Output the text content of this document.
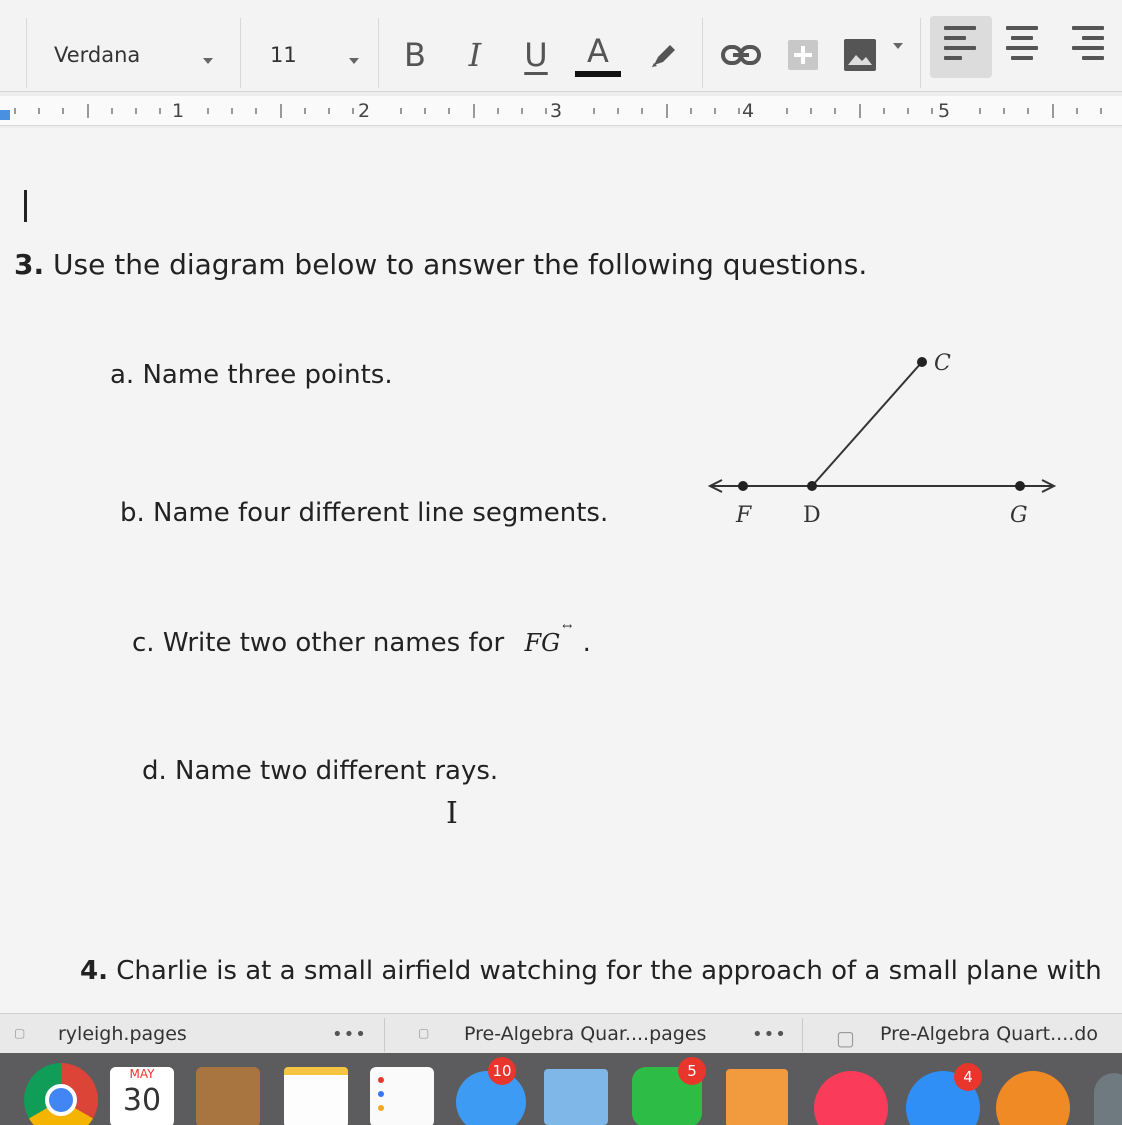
Verdana	11	B	I	U A
1	2	3	4	5
3. Use the diagram below to answer the following questions.
a. Name three points.
b. Name four different line segments.
c. Write two other names for FG
↔
.
d. Name two different rays.
C
F D	G
I
4. Charlie is at a small airfield watching for the approach of a small plane with
▢ ryleigh.pages	•••	▢ Pre-Algebra Quar....pages	••• ▢ Pre-Algebra Quart....do
MAY
30
10	5	4
